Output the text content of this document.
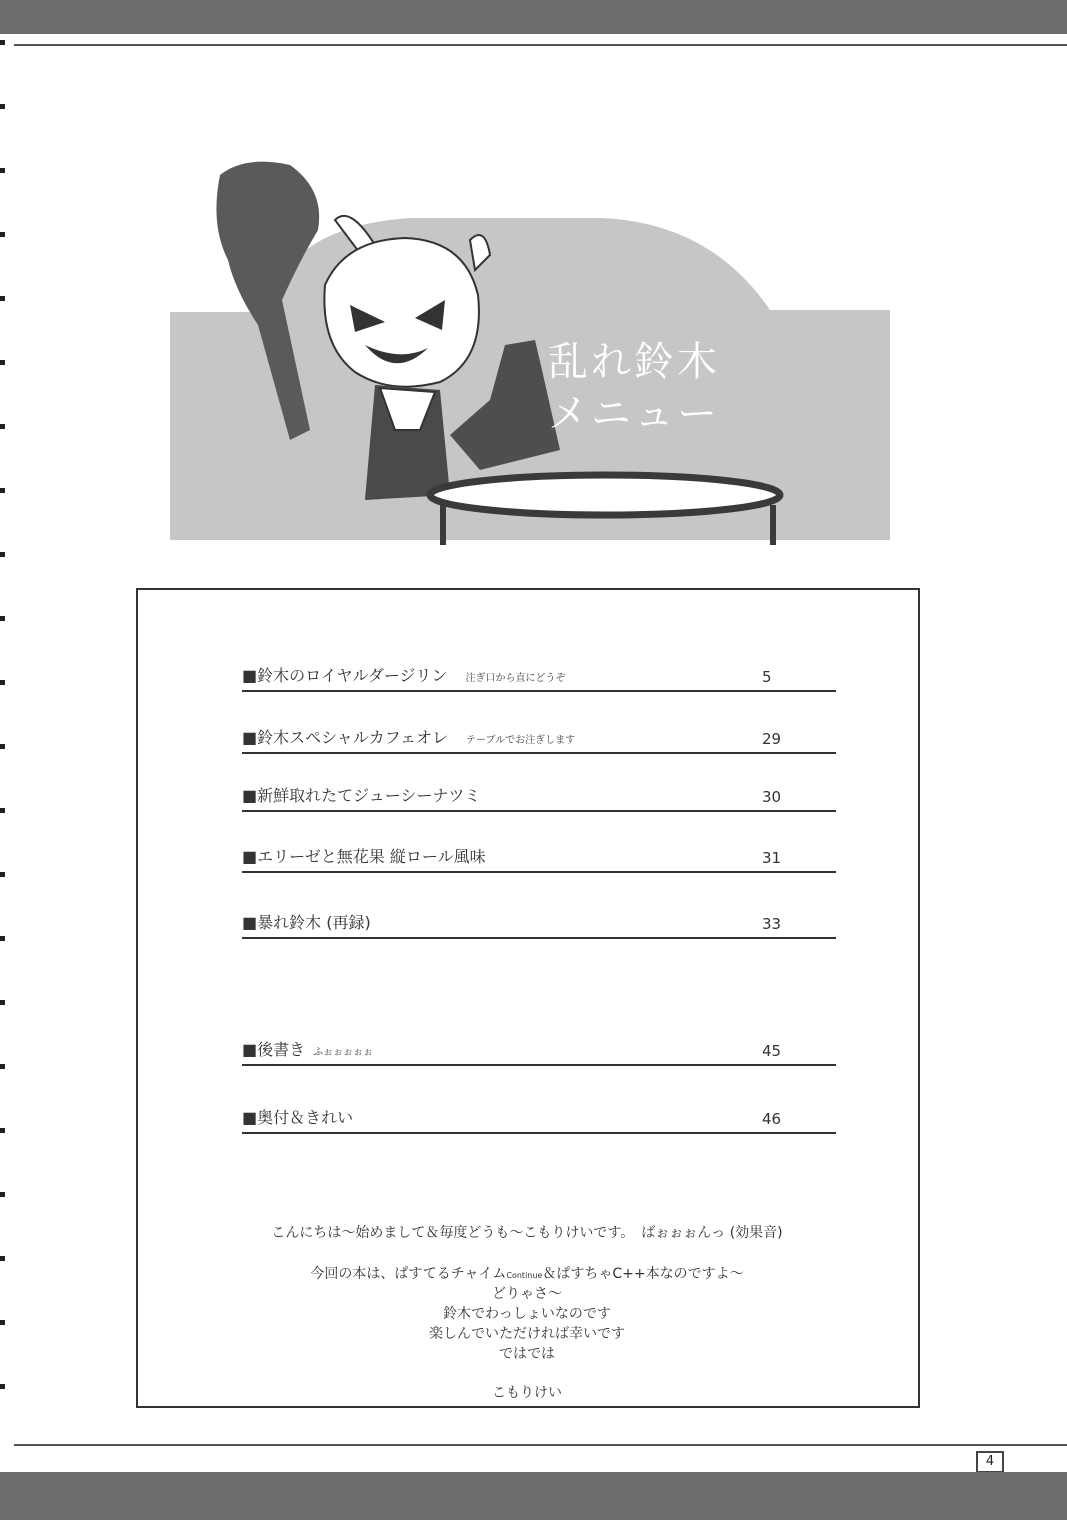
乱れ鈴木
メニュー
■鈴木のロイヤルダージリン 注ぎ口から直にどうぞ	5
■鈴木スペシャルカフェオレ テーブルでお注ぎします	29
■新鮮取れたてジューシーナツミ	30
■エリーゼと無花果 縦ロール風味	31
■暴れ鈴木 (再録)	33
■後書き ふぉぉぉぉぉ	45
■奥付＆きれい	46
こんにちは～始めまして＆毎度どうも～こもりけいです。　ばぉぉぉんっ (効果音)
今回の本は、ぱすてるチャイムContinue＆ぱすちゃC++本なのですよ～
どりゃさ～
鈴木でわっしょいなのです
楽しんでいただければ幸いです
ではでは
こもりけい
4
